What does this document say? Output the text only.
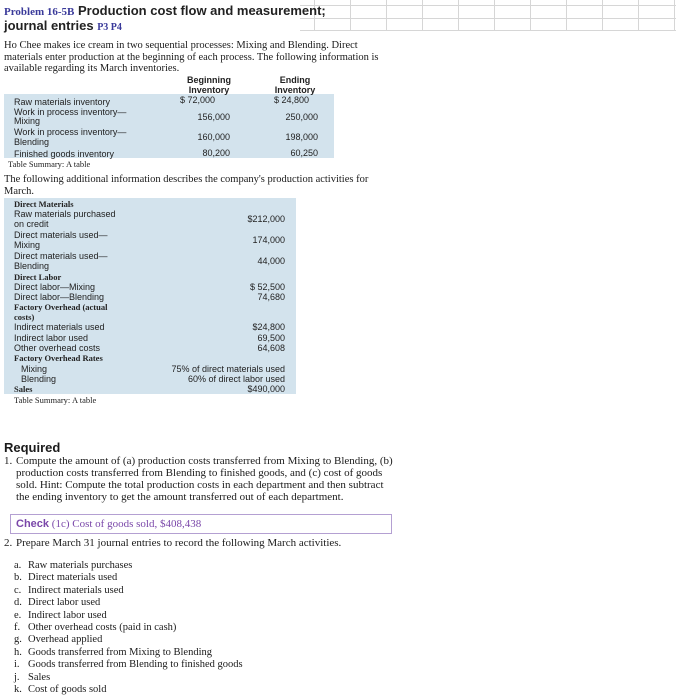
Problem 16-5B Production cost flow and measurement;
journal entries P3 P4
Ho Chee makes ice cream in two sequential processes: Mixing and Blending. Direct materials enter production at the beginning of each process. The following information is available regarding its March inventories.
Beginning
Inventory
Ending
Inventory
Raw materials inventory	$ 72,000	$ 24,800
Work in process inventory—
Mixing	156,000	250,000
Work in process inventory—
Blending	160,000	198,000
Finished goods inventory	80,200	60,250
Table Summary: A table
The following additional information describes the company's production activities for March.
Direct Materials
Raw materials purchased
on credit	$212,000
Direct materials used—
Mixing	174,000
Direct materials used—
Blending	44,000
Direct Labor
Direct labor—Mixing	$ 52,500
Direct labor—Blending	74,680
Factory Overhead (actual
costs)
Indirect materials used	$24,800
Indirect labor used	69,500
Other overhead costs	64,608
Factory Overhead Rates
Mixing	75% of direct materials used
Blending	60% of direct labor used
Sales	$490,000
Table Summary: A table
Required
1. Compute the amount of (a) production costs transferred from Mixing to Blending, (b) production costs transferred from Blending to finished goods, and (c) cost of goods sold. Hint: Compute the total production costs in each department and then subtract the ending inventory to get the amount transferred out of each department.
Check (1c) Cost of goods sold, $408,438
2. Prepare March 31 journal entries to record the following March activities.
a. Raw materials purchases
b. Direct materials used
c. Indirect materials used
d. Direct labor used
e. Indirect labor used
f. Other overhead costs (paid in cash)
g. Overhead applied
h. Goods transferred from Mixing to Blending
i. Goods transferred from Blending to finished goods
j. Sales
k. Cost of goods sold
